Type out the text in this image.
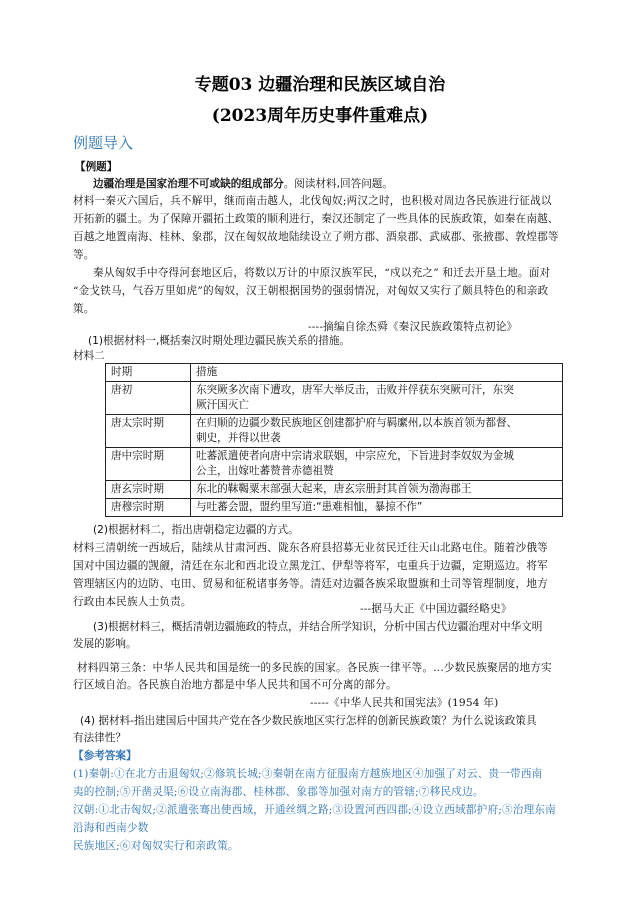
专题03 边疆治理和民族区域自治
(2023周年历史事件重难点)
例题导入
【例题】
边疆治理是国家治理不可或缺的组成部分。阅读材料,回答问题。
材料一秦灭六国后，兵不解甲，继而南击越人，北伐匈奴;两汉之时，也积极对周边各民族进行征战以
开拓新的疆土。为了保障开疆拓土政策的顺利进行，秦汉还制定了一些具体的民族政策，如秦在南越、
百越之地置南海、桂林、象郡，汉在匈奴故地陆续设立了朔方郡、酒泉郡、武威郡、张掖郡、敦煌郡等
等。
秦从匈奴手中夺得河套地区后，将数以万计的中原汉族军民，“戍以充之” 和迁去开垦土地。面对
“金戈铁马，气吞万里如虎”的匈奴，汉王朝根据国势的强弱情况，对匈奴又实行了颇具特色的和亲政
策。
----摘编自徐杰舜《秦汉民族政策特点初论》
(1)根据材料一,概括秦汉时期处理边疆民族关系的措施。
材料二
时期	措施
唐初	东突厥多次南下遭攻，唐军大举反击，击败并俘获东突厥可汗，东突
厥汗国灭亡

唐太宗时期	在归顺的边疆少数民族地区创建都护府与羁縻州,以本族首领为都督、
刺史，并得以世袭

唐中宗时期	吐蕃派遣使者向唐中宗请求联姻，中宗应允，下旨进封李奴奴为金城
公主，出嫁吐蕃赞普赤德祖赞

唐玄宗时期	东北的靺鞨粟末部强大起来，唐玄宗册封其首领为渤海郡王

唐穆宗时期	与吐蕃会盟，盟约里写道:“患难相恤，暴掠不作”
(2)根据材料二，指出唐朝稳定边疆的方式。
材料三清朝统一西域后，陆续从甘肃河西、陇东各府县招募无业贫民迁往天山北路屯住。随着沙俄等
国对中国边疆的觊觎，清廷在东北和西北设立黑龙江、伊犁等将军，屯重兵于边疆，定期巡边。将军
管理辖区内的边防、屯田、贸易和征税诸事务等。清廷对边疆各族采取盟旗和土司等管理制度，地方
行政由本民族人士负责。
---据马大正《中国边疆经略史》
(3)根据材料三，概括清朝边疆施政的特点，并结合所学知识，分析中国古代边疆治理对中华文明
发展的影响。
材料四第三条：中华人民共和国是统一的多民族的国家。各民族一律平等。...少数民族聚居的地方实
行区域自治。各民族自治地方都是中华人民共和国不可分离的部分。
-----《中华人民共和国宪法》(1954 年)
(4) 据材料-指出建国后中国共产党在各少数民族地区实行怎样的创新民族政策？为什么说该政策具
有法律性？
【参考答案】
(1)秦朝:①在北方击退匈奴;②修筑长城;③秦朝在南方征服南方越族地区④加强了对云、贵一带西南
夷的控制;⑤开凿灵渠;⑥设立南海郡、桂林郡、象郡等加强对南方的管辖;⑦移民戍边。
汉朝:①北击匈奴;②派遣张骞出使西域，开通丝绸之路;③设置河西四郡;④设立西域都护府;⑤治理东南
沿海和西南少数
民族地区;⑥对匈奴实行和亲政策。
